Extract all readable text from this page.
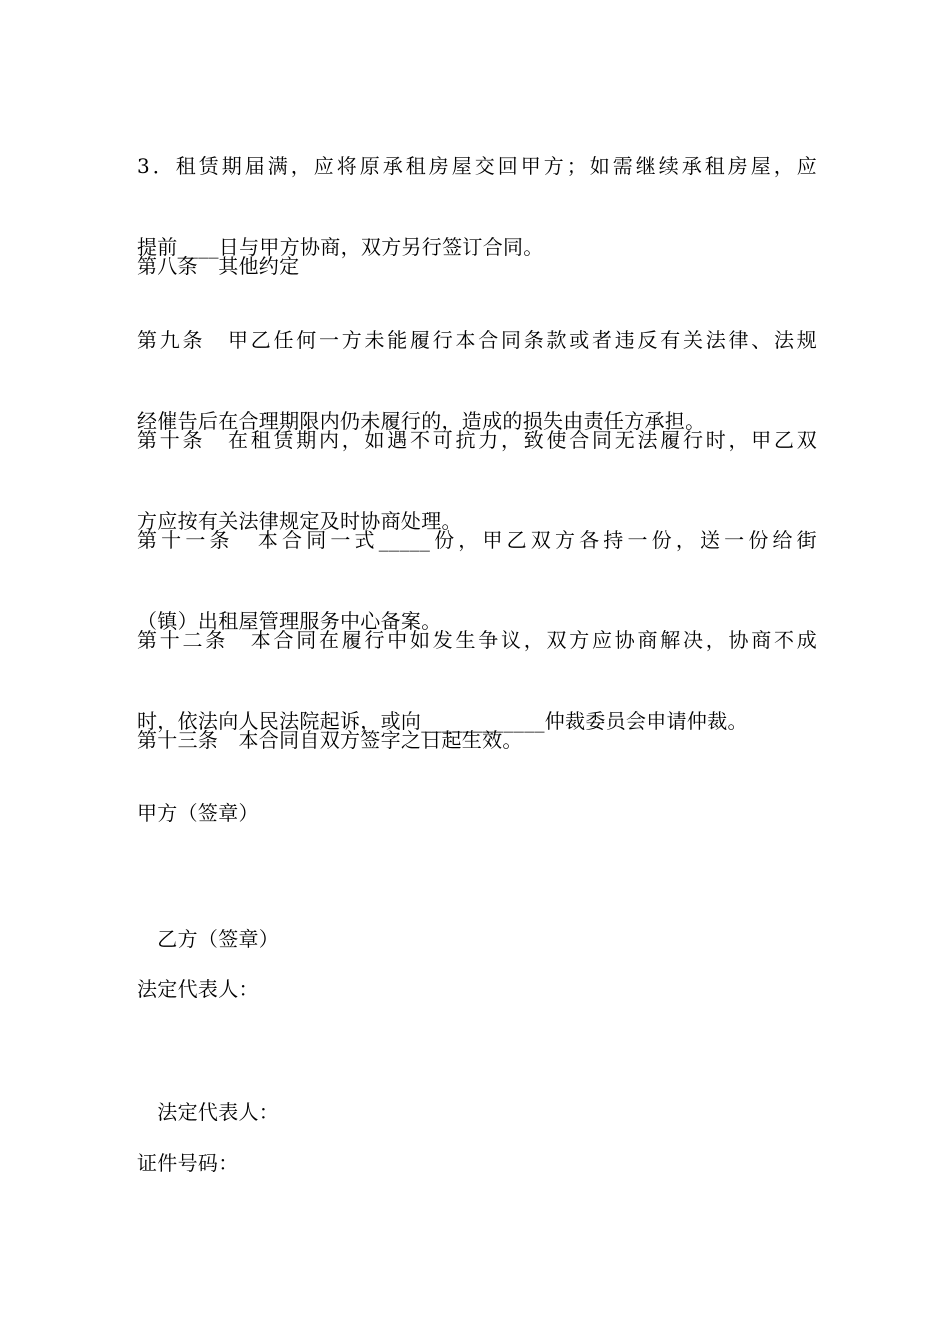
3．租赁期届满，应将原承租房屋交回甲方；如需继续承租房屋，应

提前____日与甲方协商，双方另行签订合同。

第八条　其他约定

第九条　甲乙任何一方未能履行本合同条款或者违反有关法律、法规

经催告后在合理期限内仍未履行的，造成的损失由责任方承担。

第十条　在租赁期内，如遇不可抗力，致使合同无法履行时，甲乙双

方应按有关法律规定及时协商处理。

第十一条　本合同一式_____份，甲乙双方各持一份，送一份给街

（镇）出租屋管理服务中心备案。

第十二条　本合同在履行中如发生争议，双方应协商解决，协商不成

时，依法向人民法院起诉，或向____________仲裁委员会申请仲裁。

第十三条　本合同自双方签字之日起生效。

甲方（签章）

　乙方（签章）

法定代表人：

　法定代表人：

证件号码：
